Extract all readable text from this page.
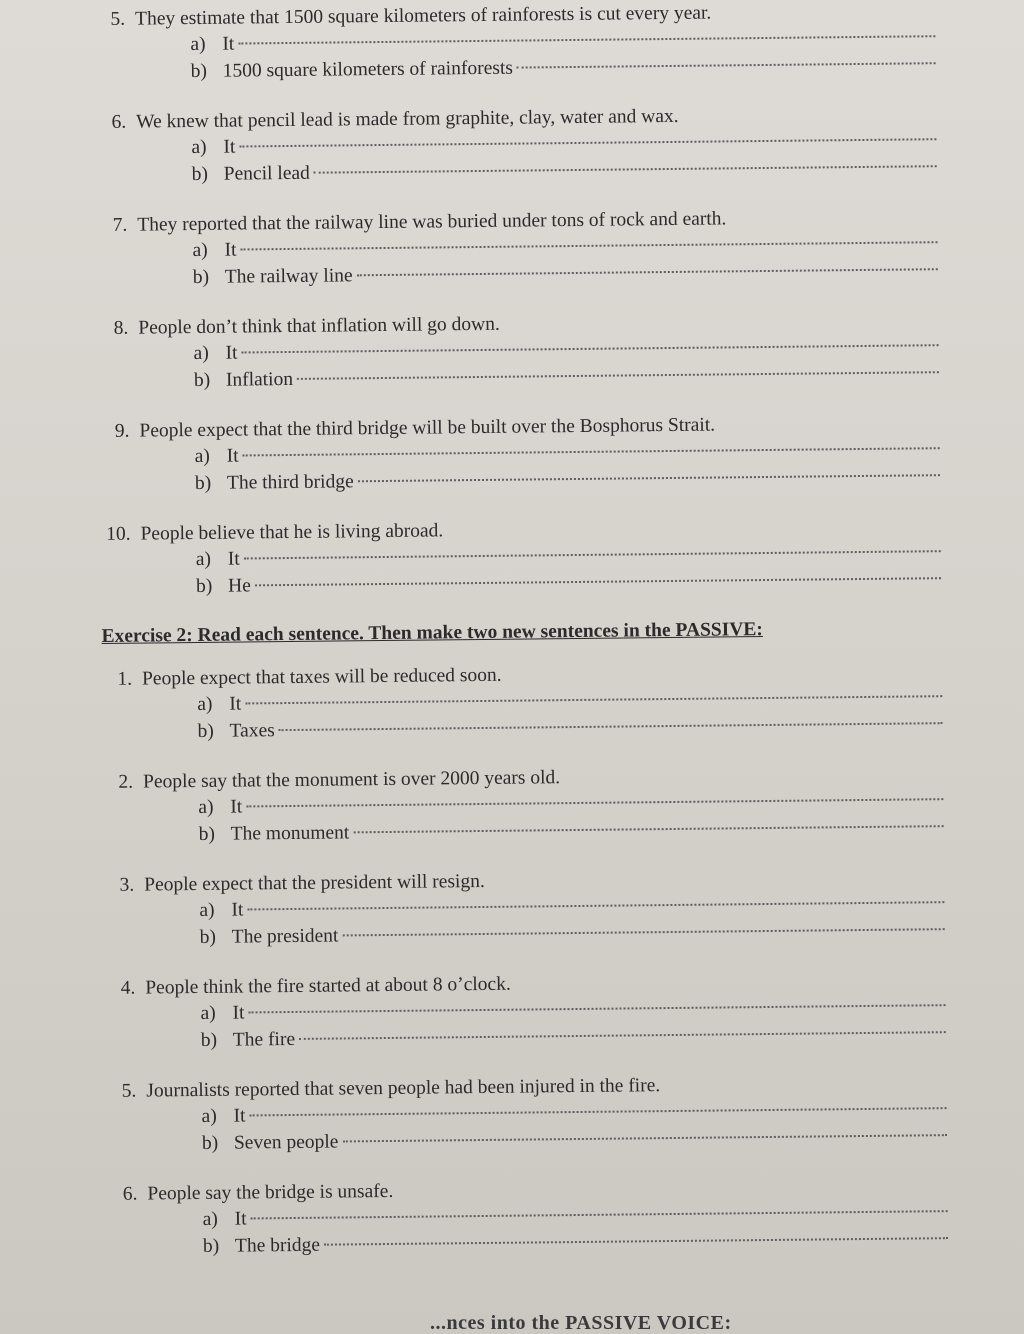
5. They estimate that 1500 square kilometers of rainforests is cut every year.
a) It
b) 1500 square kilometers of rainforests
6. We knew that pencil lead is made from graphite, clay, water and wax.
a) It
b) Pencil lead
7. They reported that the railway line was buried under tons of rock and earth.
a) It
b) The railway line
8. People don’t think that inflation will go down.
a) It
b) Inflation
9. People expect that the third bridge will be built over the Bosphorus Strait.
a) It
b) The third bridge
10. People believe that he is living abroad.
a) It
b) He
Exercise 2: Read each sentence. Then make two new sentences in the PASSIVE:
1. People expect that taxes will be reduced soon.
a) It
b) Taxes
2. People say that the monument is over 2000 years old.
a) It
b) The monument
3. People expect that the president will resign.
a) It
b) The president
4. People think the fire started at about 8 o’clock.
a) It
b) The fire
5. Journalists reported that seven people had been injured in the fire.
a) It
b) Seven people
6. People say the bridge is unsafe.
a) It
b) The bridge
...nces into the PASSIVE VOICE:
